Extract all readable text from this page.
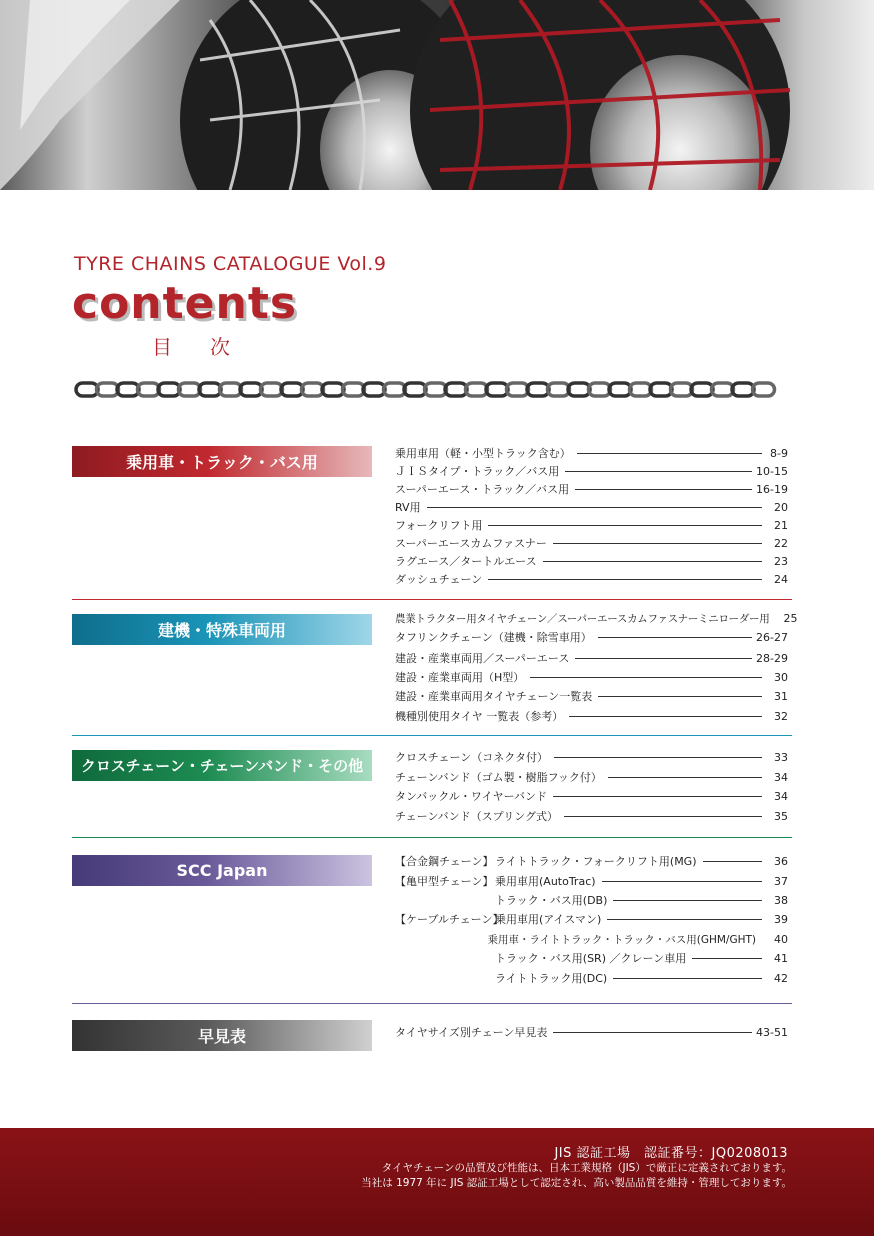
TYRE CHAINS CATALOGUE Vol.9
contents
目次
乗用車・トラック・バス用
建機・特殊車両用
クロスチェーン・チェーンバンド・その他
SCC Japan
早見表
乗用車用（軽・小型トラック含む）	8-9
ＪＩＳタイプ・トラック／バス用	10-15
スーパーエース・トラック／バス用	16-19
RV用	20
フォークリフト用	21
スーパーエースカムファスナー	22
ラグエース／タートルエース	23
ダッシュチェーン	24
農業トラクター用タイヤチェーン／スーパーエースカムファスナーミニローダー用	25
タフリンクチェーン（建機・除雪車用）	26-27
建設・産業車両用／スーパーエース	28-29
建設・産業車両用（H型）	30
建設・産業車両用タイヤチェーン一覧表	31
機種別使用タイヤ 一覧表（参考）	32
クロスチェーン（コネクタ付）	33
チェーンバンド（ゴム製・樹脂フック付）	34
タンバックル・ワイヤーバンド	34
チェーンバンド（スプリング式）	35
【合金鋼チェーン】 ライトトラック・フォークリフト用(MG)	36
【亀甲型チェーン】 乗用車用(AutoTrac)	37
トラック・バス用(DB)	38
【ケーブルチェーン】
乗用車用(アイスマン)	39
乗用車・ライトトラック・トラック・バス用(GHM/GHT)	40
トラック・バス用(SR) ／クレーン車用	41
ライトトラック用(DC)	42
タイヤサイズ別チェーン早見表	43-51
JIS 認証工場　認証番号：JQ0208013
タイヤチェーンの品質及び性能は、日本工業規格（JIS）で厳正に定義されております。
当社は 1977 年に JIS 認証工場として認定され、高い製品品質を維持・管理しております。
